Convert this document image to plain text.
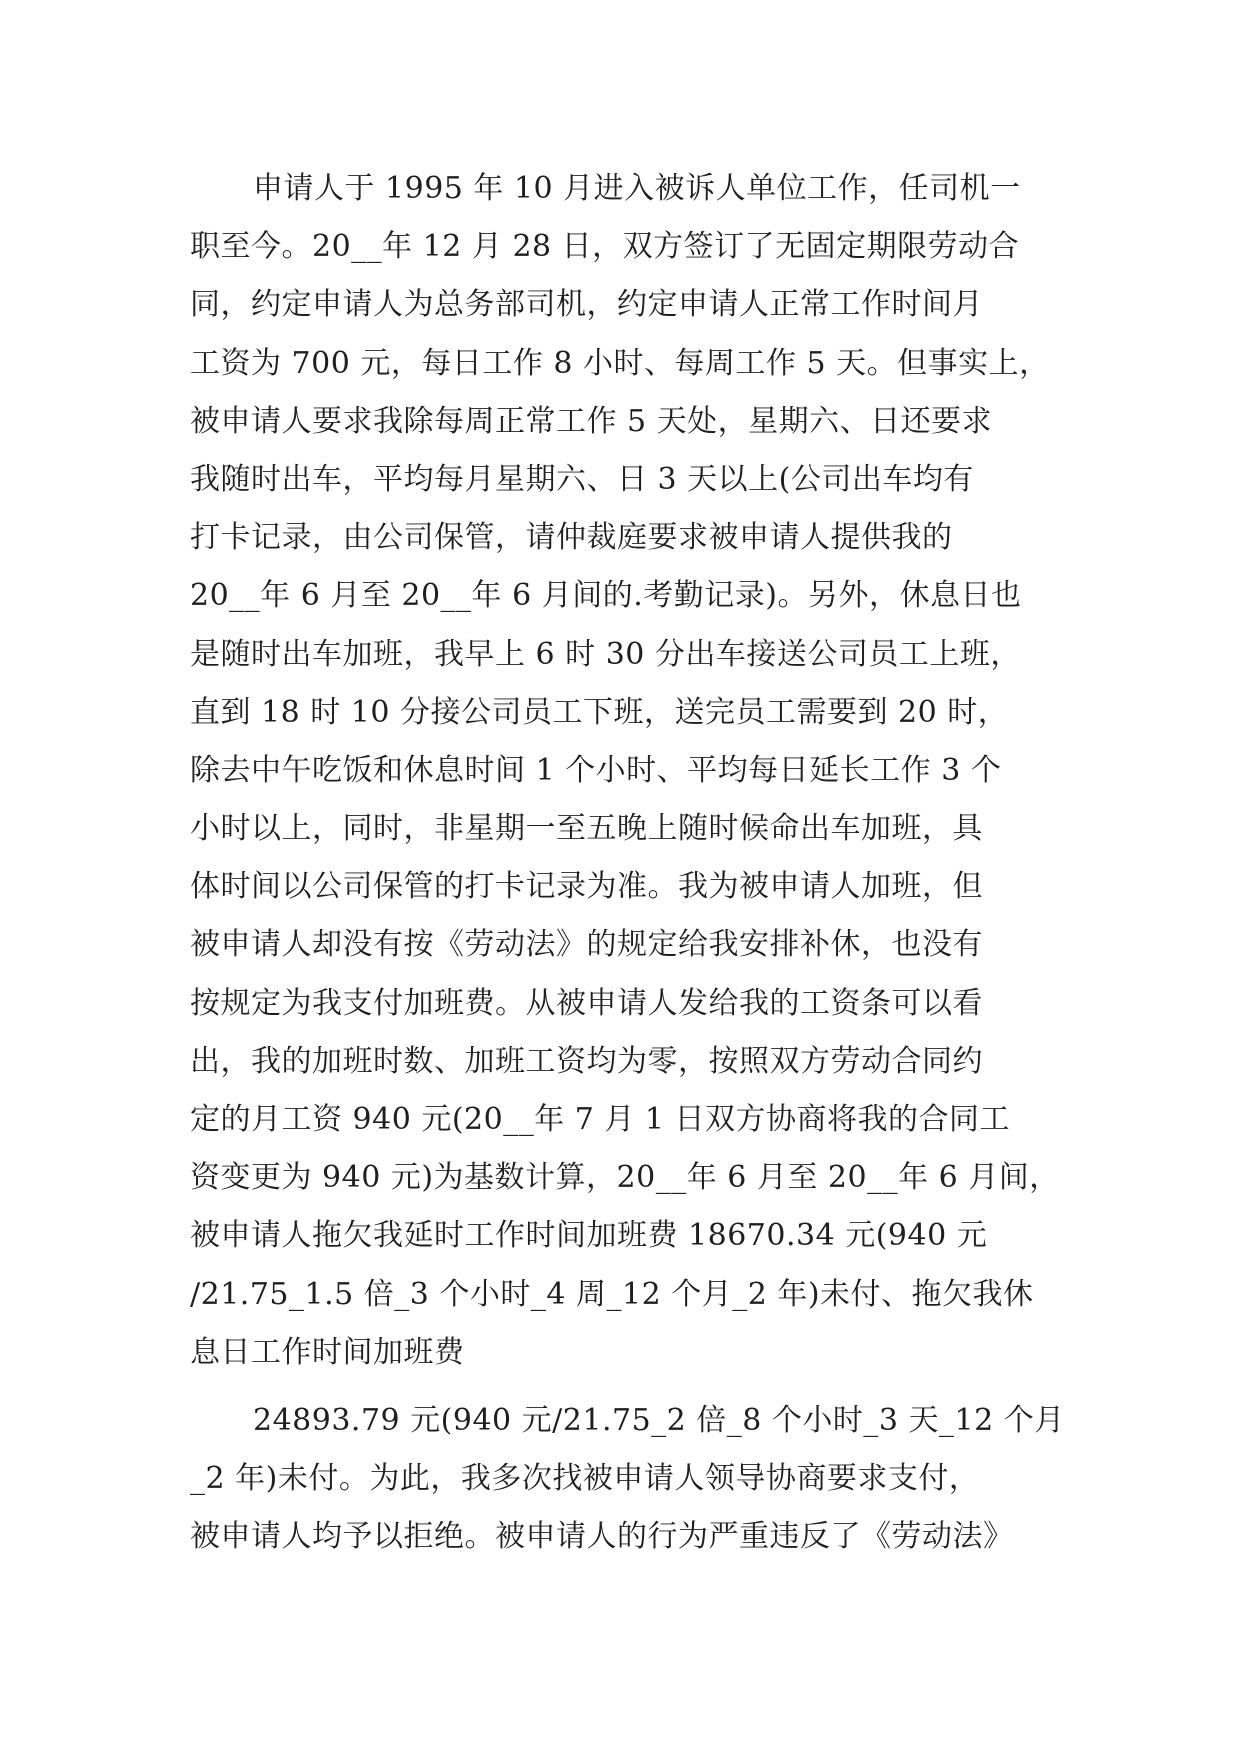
申请人于 1995 年 10 月进入被诉人单位工作，任司机一
职至今。20__年 12 月 28 日，双方签订了无固定期限劳动合
同，约定申请人为总务部司机，约定申请人正常工作时间月
工资为 700 元，每日工作 8 小时、每周工作 5 天。但事实上，
被申请人要求我除每周正常工作 5 天处，星期六、日还要求
我随时出车，平均每月星期六、日 3 天以上(公司出车均有
打卡记录，由公司保管，请仲裁庭要求被申请人提供我的
20__年 6 月至 20__年 6 月间的.考勤记录)。另外，休息日也
是随时出车加班，我早上 6 时 30 分出车接送公司员工上班，
直到 18 时 10 分接公司员工下班，送完员工需要到 20 时，
除去中午吃饭和休息时间 1 个小时、平均每日延长工作 3 个
小时以上，同时，非星期一至五晚上随时候命出车加班，具
体时间以公司保管的打卡记录为准。我为被申请人加班，但
被申请人却没有按《劳动法》的规定给我安排补休，也没有
按规定为我支付加班费。从被申请人发给我的工资条可以看
出，我的加班时数、加班工资均为零，按照双方劳动合同约
定的月工资 940 元(20__年 7 月 1 日双方协商将我的合同工
资变更为 940 元)为基数计算，20__年 6 月至 20__年 6 月间，
被申请人拖欠我延时工作时间加班费 18670.34 元(940 元
/21.75_1.5 倍_3 个小时_4 周_12 个月_2 年)未付、拖欠我休
息日工作时间加班费
24893.79 元(940 元/21.75_2 倍_8 个小时_3 天_12 个月
_2 年)未付。为此，我多次找被申请人领导协商要求支付，
被申请人均予以拒绝。被申请人的行为严重违反了《劳动法》
